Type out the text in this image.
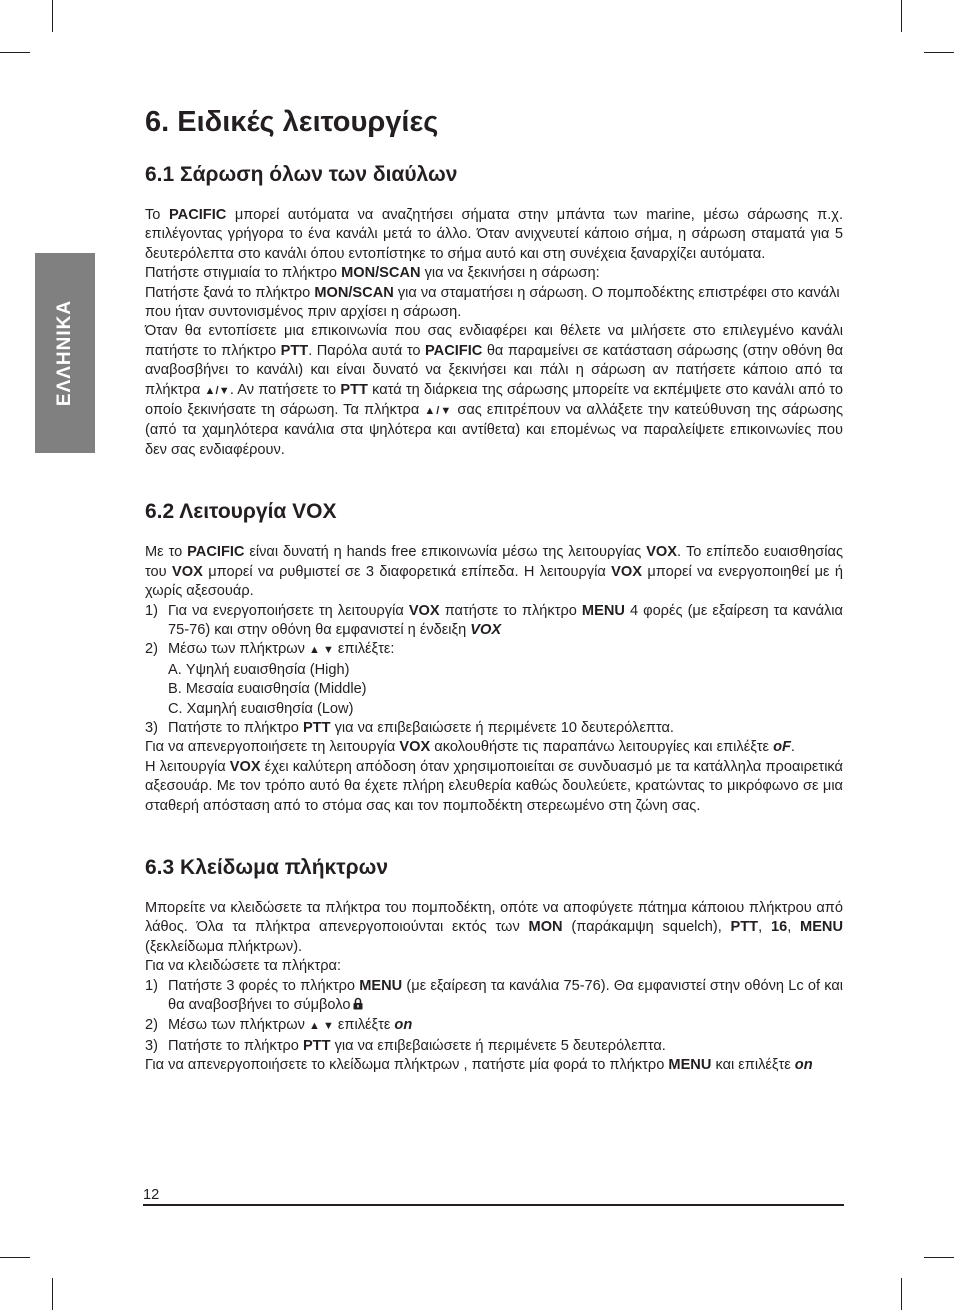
ΕΛΛΗΝΙΚΑ
6. Ειδικές λειτουργίες
6.1 Σάρωση όλων των διαύλων

Το PACIFIC μπορεί αυτόματα να αναζητήσει σήματα στην μπάντα των marine, μέσω σάρωσης π.χ. επιλέγοντας γρήγορα το ένα κανάλι μετά το άλλο. Όταν ανιχνευτεί κάποιο σήμα, η σάρωση σταματά για 5 δευτερόλεπτα στο κανάλι όπου εντοπίστηκε το σήμα αυτό και στη συνέχεια ξαναρχίζει αυτόματα.

Πατήστε στιγμιαία το πλήκτρο MON/SCAN για να ξεκινήσει η σάρωση:

Πατήστε ξανά το πλήκτρο MON/SCAN για να σταματήσει η σάρωση. Ο πομποδέκτης επιστρέφει στο κανάλι που ήταν συντονισμένος πριν αρχίσει η σάρωση.

Όταν θα εντοπίσετε μια επικοινωνία που σας ενδιαφέρει και θέλετε να μιλήσετε στο επιλεγμένο κανάλι πατήστε το πλήκτρο PTT. Παρόλα αυτά το PACIFIC θα παραμείνει σε κατάσταση σάρωσης (στην οθόνη θα αναβοσβήνει το κανάλι) και είναι δυνατό να ξεκινήσει και πάλι η σάρωση αν πατήσετε κάποιο από τα πλήκτρα ▲/▼. Αν πατήσετε το PTT κατά τη διάρκεια της σάρωσης μπορείτε να εκπέμψετε στο κανάλι από το οποίο ξεκινήσατε τη σάρωση. Τα πλήκτρα ▲/▼ σας επιτρέπουν να αλλάξετε την κατεύθυνση της σάρωσης (από τα χαμηλότερα κανάλια στα ψηλότερα και αντίθετα) και επομένως να παραλείψετε επικοινωνίες που δεν σας ενδιαφέρουν.

6.2 Λειτουργία VOX

Με το PACIFIC είναι δυνατή η hands free επικοινωνία μέσω της λειτουργίας VOX. Το επίπεδο ευαισθησίας του VOX μπορεί να ρυθμιστεί σε 3 διαφορετικά επίπεδα. Η λειτουργία VOX μπορεί να ενεργοποιηθεί με ή χωρίς αξεσουάρ.

1) Για να ενεργοποιήσετε τη λειτουργία VOX πατήστε το πλήκτρο MENU 4 φορές (με εξαίρεση τα κανάλια 75-76) και στην οθόνη θα εμφανιστεί η ένδειξη VOX
2) Μέσω των πλήκτρων ▲ ▼ επιλέξτε:

A. Υψηλή ευαισθησία (High)

B. Μεσαία ευαισθησία (Middle)

C. Χαμηλή ευαισθησία (Low)

3) Πατήστε το πλήκτρο PTT για να επιβεβαιώσετε ή περιμένετε 10 δευτερόλεπτα.

Για να απενεργοποιήσετε τη λειτουργία VOX ακολουθήστε τις παραπάνω λειτουργίες και επιλέξτε oF.

Η λειτουργία VOX έχει καλύτερη απόδοση όταν χρησιμοποιείται σε συνδυασμό με τα κατάλληλα προαιρετικά αξεσουάρ. Με τον τρόπο αυτό θα έχετε πλήρη ελευθερία καθώς δουλεύετε, κρατώντας το μικρόφωνο σε μια σταθερή απόσταση από το στόμα σας και τον πομποδέκτη στερεωμένο στη ζώνη σας.

6.3 Κλείδωμα πλήκτρων

Μπορείτε να κλειδώσετε τα πλήκτρα του πομποδέκτη, οπότε να αποφύγετε πάτημα κάποιου πλήκτρου από λάθος. Όλα τα πλήκτρα απενεργοποιούνται εκτός των MON (παράκαμψη squelch), PTT, 16, MENU (ξεκλείδωμα πλήκτρων).

Για να κλειδώσετε τα πλήκτρα:

1) Πατήστε 3 φορές το πλήκτρο MENU (με εξαίρεση τα κανάλια 75-76). Θα εμφανιστεί στην οθόνη Lc of και θα αναβοσβήνει το σύμβολο
2) Μέσω των πλήκτρων ▲ ▼ επιλέξτε on
3) Πατήστε το πλήκτρο PTT για να επιβεβαιώσετε ή περιμένετε 5 δευτερόλεπτα.

Για να απενεργοποιήσετε το κλείδωμα πλήκτρων , πατήστε μία φορά το πλήκτρο MENU και επιλέξτε on

12
